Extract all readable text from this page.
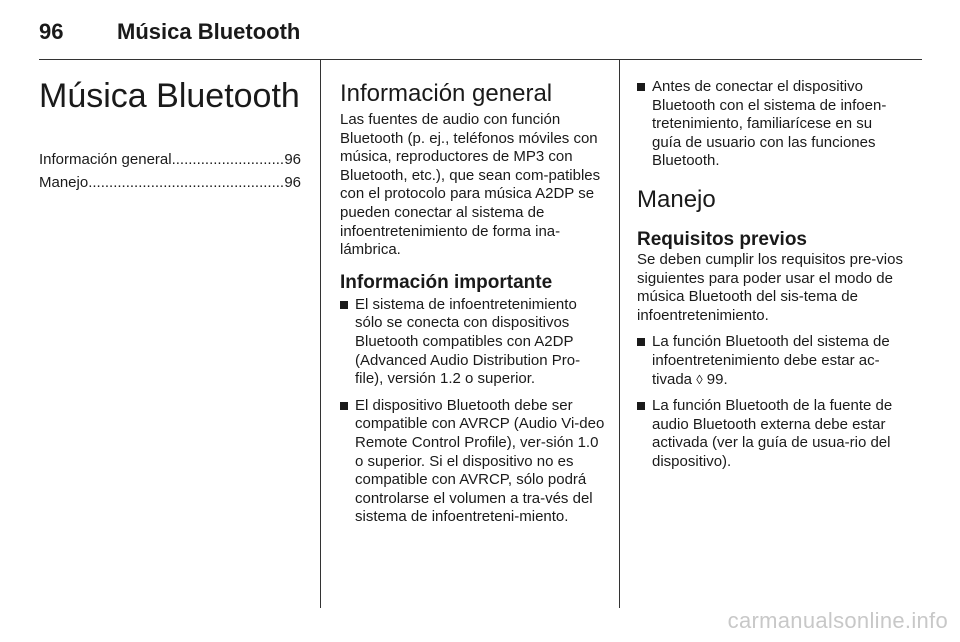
96	Música Bluetooth
Música Bluetooth
Información general .....	96
Manejo .....	96
Información general

Las fuentes de audio con función Bluetooth (p. ej., teléfonos móviles con música, reproductores de MP3 con Bluetooth, etc.), que sean com-patibles con el protocolo para música A2DP se pueden conectar al sistema de infoentretenimiento de forma ina-lámbrica.

Información importante
El sistema de infoentretenimiento sólo se conecta con dispositivos Bluetooth compatibles con A2DP (Advanced Audio Distribution Pro-file), versión 1.2 o superior.
El dispositivo Bluetooth debe ser compatible con AVRCP (Audio Vi-deo Remote Control Profile), ver-sión 1.0 o superior. Si el dispositivo no es compatible con AVRCP, sólo podrá controlarse el volumen a tra-vés del sistema de infoentreteni-miento.
Antes de conectar el dispositivo Bluetooth con el sistema de infoen-tretenimiento, familiarícese en su guía de usuario con las funciones Bluetooth.
Manejo
Requisitos previos

Se deben cumplir los requisitos pre-vios siguientes para poder usar el modo de música Bluetooth del sis-tema de infoentretenimiento.

La función Bluetooth del sistema de infoentretenimiento debe estar ac-tivada ◊ 99.
La función Bluetooth de la fuente de audio Bluetooth externa debe estar activada (ver la guía de usua-rio del dispositivo).
carmanualsonline.info
